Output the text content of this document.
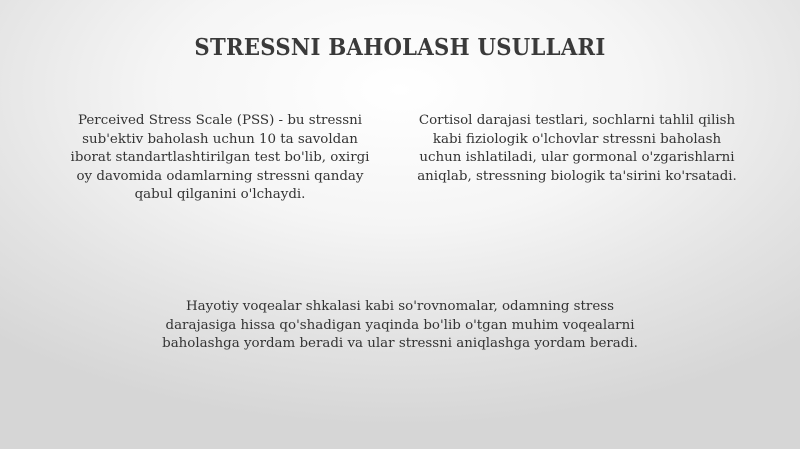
STRESSNI BAHOLASH USULLARI
Perceived Stress Scale (PSS) - bu stressni
sub'ektiv baholash uchun 10 ta savoldan
iborat standartlashtirilgan test bo'lib, oxirgi
oy davomida odamlarning stressni qanday
qabul qilganini o'lchaydi.
Cortisol darajasi testlari, sochlarni tahlil qilish
kabi fiziologik o'lchovlar stressni baholash
uchun ishlatiladi, ular gormonal o'zgarishlarni
aniqlab, stressning biologik ta'sirini ko'rsatadi.
Hayotiy voqealar shkalasi kabi so'rovnomalar, odamning stress
darajasiga hissa qo'shadigan yaqinda bo'lib o'tgan muhim voqealarni
baholashga yordam beradi va ular stressni aniqlashga yordam beradi.
